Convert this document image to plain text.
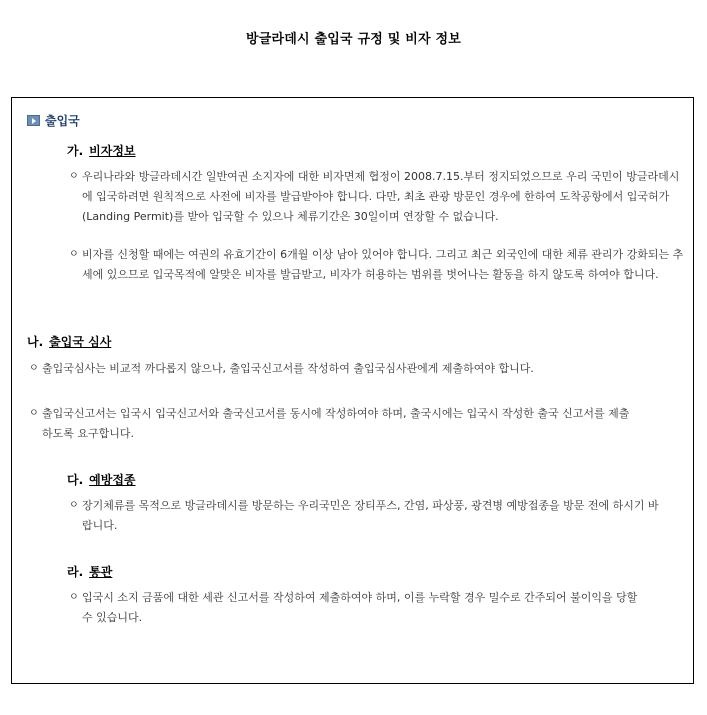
방글라데시 출입국 규정 및 비자 정보
출입국
가. 비자정보
ㅇ 우리나라와 방글라데시간 일반여권 소지자에 대한 비자면제 협정이 2008.7.15.부터 정지되었으므로 우리 국민이 방글라데시에 입국하려면 원칙적으로 사전에 비자를 발급받아야 합니다. 다만, 최초 관광 방문인 경우에 한하여 도착공항에서 입국허가(Landing Permit)를 받아 입국할 수 있으나 체류기간은 30일이며 연장할 수 없습니다.
ㅇ 비자를 신청할 때에는 여권의 유효기간이 6개월 이상 남아 있어야 합니다. 그리고 최근 외국인에 대한 체류 관리가 강화되는 추세에 있으므로 입국목적에 알맞은 비자를 발급받고, 비자가 허용하는 범위를 벗어나는 활동을 하지 않도록 하여야 합니다.
나. 출입국 심사
ㅇ 출입국심사는 비교적 까다롭지 않으나, 출입국신고서를 작성하여 출입국심사관에게 제출하여야 합니다.
ㅇ 출입국신고서는 입국시 입국신고서와 출국신고서를 동시에 작성하여야 하며, 출국시에는 입국시 작성한 출국 신고서를 제출하도록 요구합니다.
다. 예방접종
ㅇ 장기체류를 목적으로 방글라데시를 방문하는 우리국민은 장티푸스, 간염, 파상풍, 광견병 예방접종을 방문 전에 하시기 바랍니다.
라. 통관
ㅇ 입국시 소지 금품에 대한 세관 신고서를 작성하여 제출하여야 하며, 이를 누락할 경우 밀수로 간주되어 불이익을 당할 수 있습니다.
